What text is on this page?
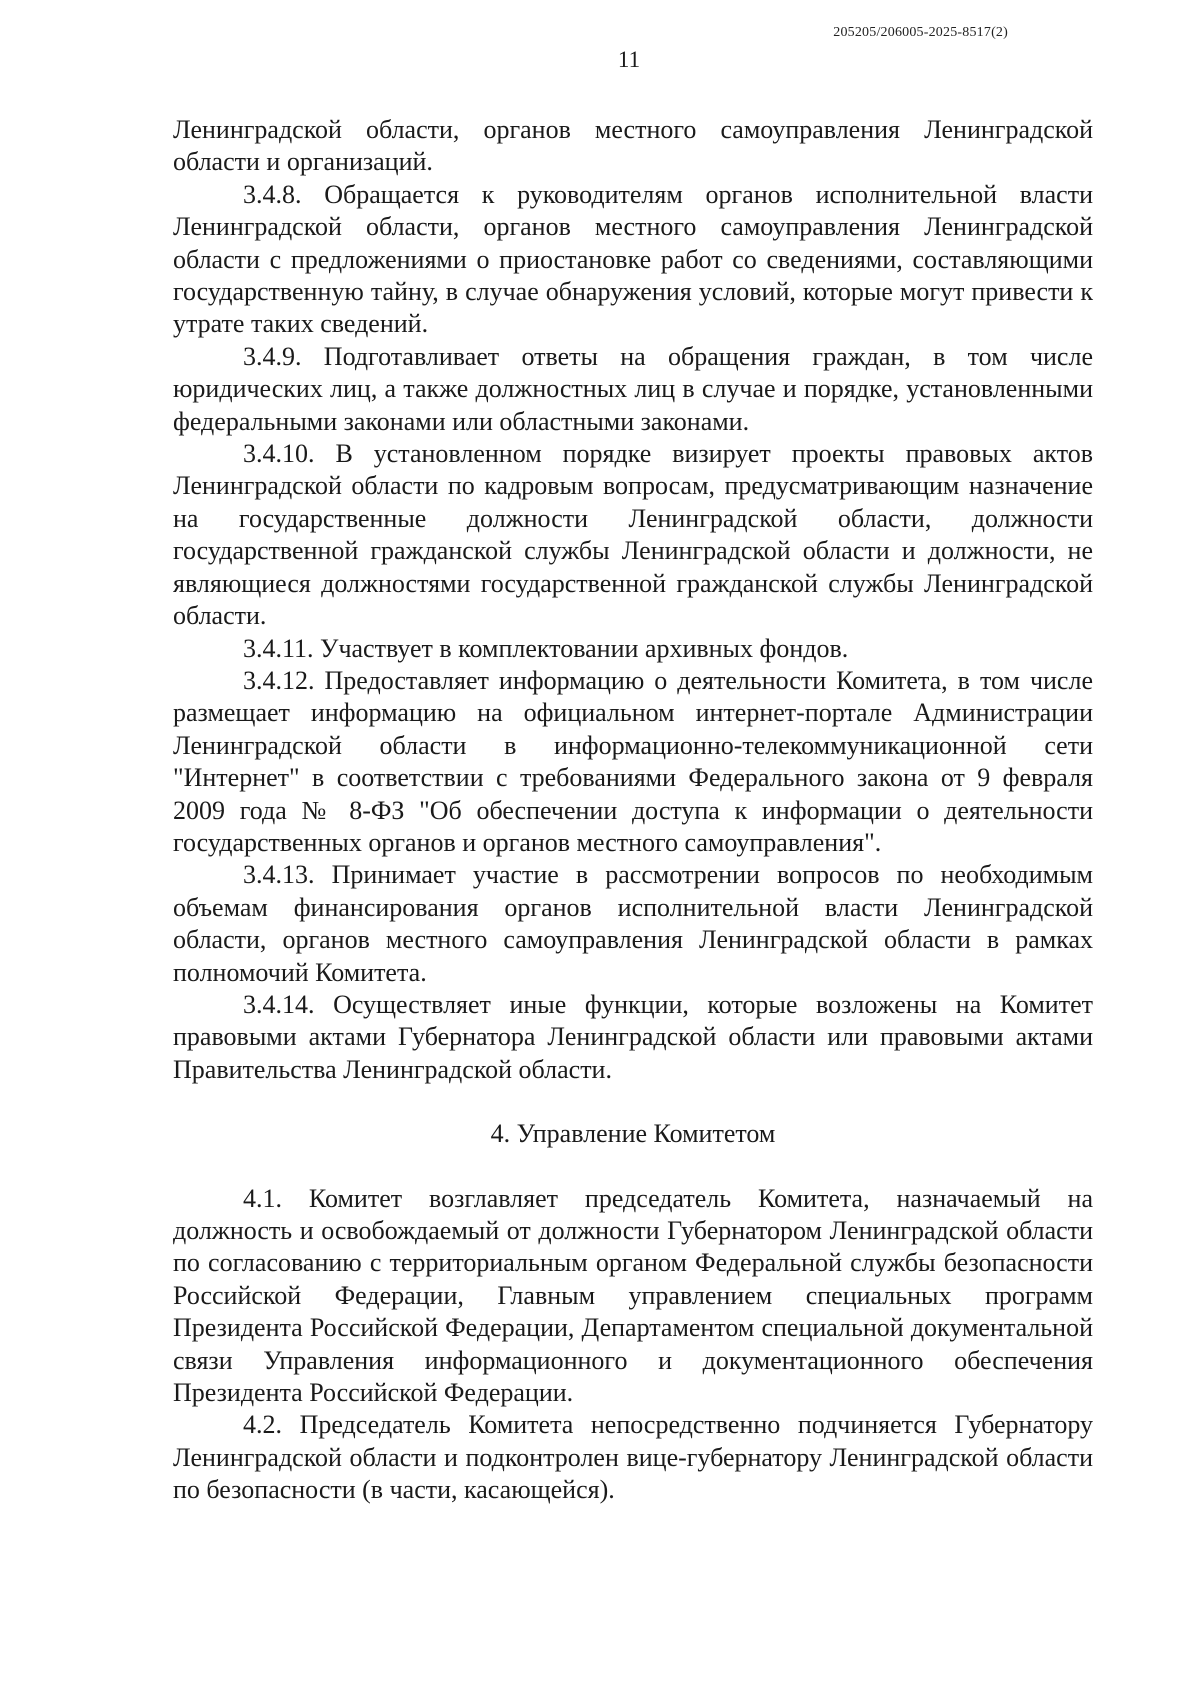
205205/206005-2025-8517(2)
11

Ленинградской области, органов местного самоуправления Ленинградской области и организаций.

3.4.8. Обращается к руководителям органов исполнительной власти Ленинградской области, органов местного самоуправления Ленинградской области с предложениями о приостановке работ со сведениями, составляющими государственную тайну, в случае обнаружения условий, которые могут привести к утрате таких сведений.

3.4.9. Подготавливает ответы на обращения граждан, в том числе юридических лиц, а также должностных лиц в случае и порядке, установленными федеральными законами или областными законами.

3.4.10. В установленном порядке визирует проекты правовых актов Ленинградской области по кадровым вопросам, предусматривающим назначение на государственные должности Ленинградской области, должности государственной гражданской службы Ленинградской области и должности, не являющиеся должностями государственной гражданской службы Ленинградской области.

3.4.11. Участвует в комплектовании архивных фондов.

3.4.12. Предоставляет информацию о деятельности Комитета, в том числе размещает информацию на официальном интернет-портале Администрации Ленинградской области в информационно-телекоммуникационной сети "Интернет" в соответствии с требованиями Федерального закона от 9 февраля 2009 года № 8-ФЗ "Об обеспечении доступа к информации о деятельности государственных органов и органов местного самоуправления".

3.4.13. Принимает участие в рассмотрении вопросов по необходимым объемам финансирования органов исполнительной власти Ленинградской области, органов местного самоуправления Ленинградской области в рамках полномочий Комитета.

3.4.14. Осуществляет иные функции, которые возложены на Комитет правовыми актами Губернатора Ленинградской области или правовыми актами Правительства Ленинградской области.

4. Управление Комитетом

4.1. Комитет возглавляет председатель Комитета, назначаемый на должность и освобождаемый от должности Губернатором Ленинградской области по согласованию с территориальным органом Федеральной службы безопасности Российской Федерации, Главным управлением специальных программ Президента Российской Федерации, Департаментом специальной документальной связи Управления информационного и документационного обеспечения Президента Российской Федерации.

4.2. Председатель Комитета непосредственно подчиняется Губернатору Ленинградской области и подконтролен вице-губернатору Ленинградской области по безопасности (в части, касающейся).
